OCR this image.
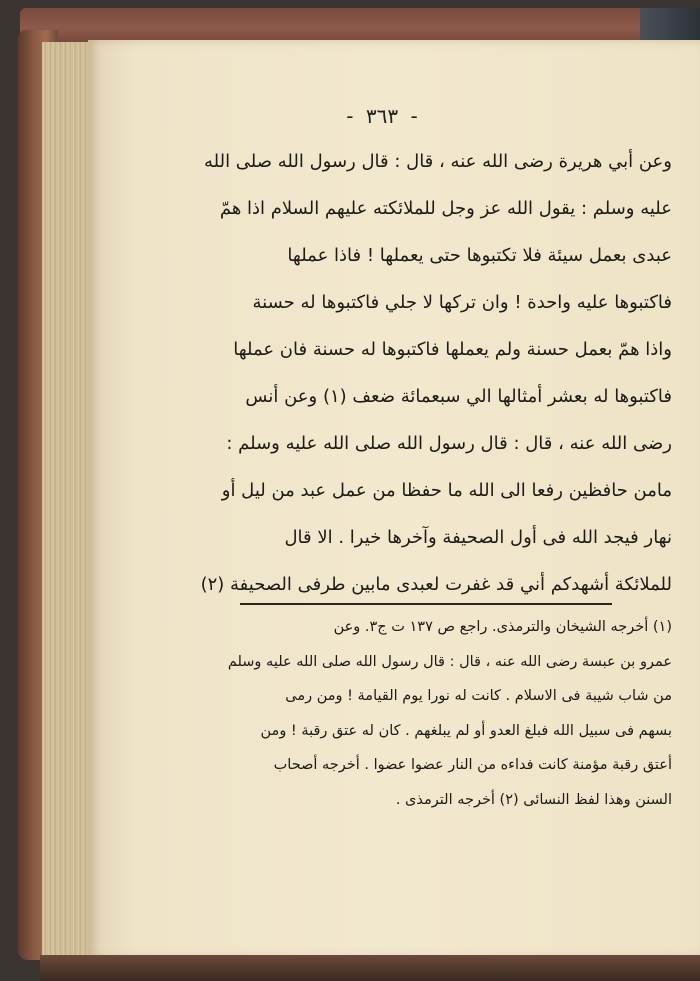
- ٣٦٣ -
وعن أبي هريرة رضى الله عنه ، قال : قال رسول الله صلى الله
عليه وسلم : يقول الله عز وجل للملائكته عليهم السلام اذا همّ
عبدى بعمل سيئة فلا تكتبوها حتى يعملها ! فاذا عملها
فاكتبوها عليه واحدة ! وان تركها لا جلي فاكتبوها له حسنة
واذا همّ بعمل حسنة ولم يعملها فاكتبوها له حسنة فان عملها
فاكتبوها له بعشر أمثالها الي سبعمائة ضعف (١) وعن أنس
رضى الله عنه ، قال : قال رسول الله صلى الله عليه وسلم :
مامن حافظين رفعا الى الله ما حفظا من عمل عبد من ليل أو
نهار فيجد الله فى أول الصحيفة وآخرها خيرا . الا قال
للملائكة أشهدكم أني قد غفرت لعبدى مابين طرفى الصحيفة (٢)
(١) أخرجه الشيخان والترمذى. راجع ص ١٣٧ ت ج٣. وعن
عمرو بن عبسة رضى الله عنه ، قال : قال رسول الله صلى الله عليه وسلم
من شاب شيبة فى الاسلام . كانت له نورا يوم القيامة ! ومن رمى
بسهم فى سبيل الله فبلغ العدو أو لم يبلغهم . كان له عتق رقبة ! ومن
أعتق رقبة مؤمنة كانت فداءه من النار عضوا عضوا . أخرجه أصحاب
السنن وهذا لفظ النسائى (٢) أخرجه الترمذى .
